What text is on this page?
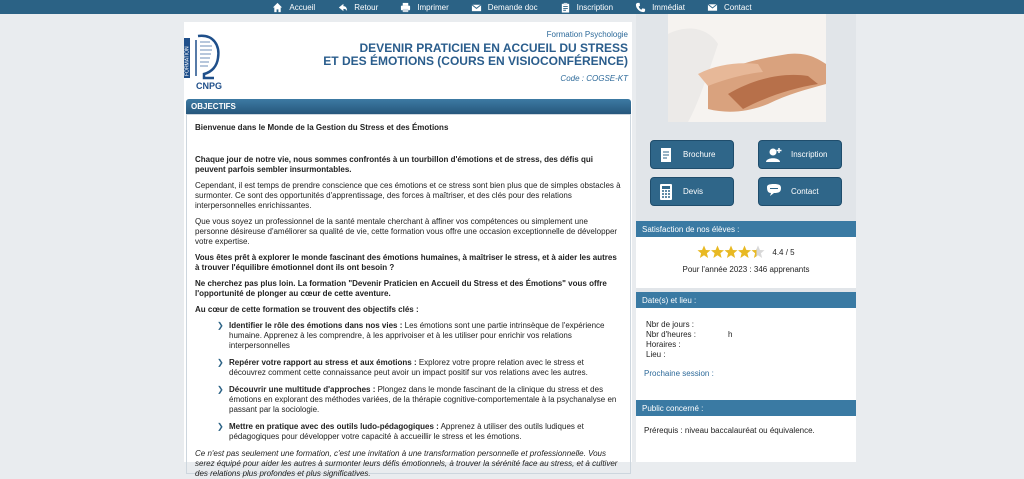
Accueil	Retour	Imprimer	Demande doc	Inscription	Immédiat	Contact
FORMATION
CNPG
Formation Psychologie
DEVENIR PRATICIEN EN ACCUEIL DU STRESS
ET DES ÉMOTIONS (COURS EN VISIOCONFÉRENCE)
Code : COGSE-KT
OBJECTIFS

Bienvenue dans le Monde de la Gestion du Stress et des Émotions

Chaque jour de notre vie, nous sommes confrontés à un tourbillon d'émotions et de stress, des défis qui peuvent parfois sembler insurmontables.

Cependant, il est temps de prendre conscience que ces émotions et ce stress sont bien plus que de simples obstacles à surmonter. Ce sont des opportunités d'apprentissage, des forces à maîtriser, et des clés pour des relations interpersonnelles enrichissantes.

Que vous soyez un professionnel de la santé mentale cherchant à affiner vos compétences ou simplement une personne désireuse d'améliorer sa qualité de vie, cette formation vous offre une occasion exceptionnelle de développer votre expertise.

Vous êtes prêt à explorer le monde fascinant des émotions humaines, à maîtriser le stress, et à aider les autres à trouver l'équilibre émotionnel dont ils ont besoin ?

Ne cherchez pas plus loin. La formation "Devenir Praticien en Accueil du Stress et des Émotions" vous offre l'opportunité de plonger au cœur de cette aventure.

Au cœur de cette formation se trouvent des objectifs clés :

❯ Identifier le rôle des émotions dans nos vies : Les émotions sont une partie intrinsèque de l'expérience humaine. Apprenez à les comprendre, à les apprivoiser et à les utiliser pour enrichir vos relations interpersonnelles
❯ Repérer votre rapport au stress et aux émotions : Explorez votre propre relation avec le stress et découvrez comment cette connaissance peut avoir un impact positif sur vos relations avec les autres.
❯ Découvrir une multitude d'approches : Plongez dans le monde fascinant de la clinique du stress et des émotions en explorant des méthodes variées, de la thérapie cognitive-comportementale à la psychanalyse en passant par la sociologie.
❯ Mettre en pratique avec des outils ludo-pédagogiques : Apprenez à utiliser des outils ludiques et pédagogiques pour développer votre capacité à accueillir le stress et les émotions.

Ce n'est pas seulement une formation, c'est une invitation à une transformation personnelle et professionnelle. Vous serez équipé pour aider les autres à surmonter leurs défis émotionnels, à trouver la sérénité face au stress, et à cultiver des relations plus profondes et plus significatives.

Brochure	Inscription
Devis	Contact
Satisfaction de nos élèves :
4.4 / 5
Pour l'année 2023 : 346 apprenants
Date(s) et lieu :
Nbr de jours :
Nbr d'heures :	h
Horaires :
Lieu :
Prochaine session :
Public concerné :
Prérequis : niveau baccalauréat ou équivalence.
